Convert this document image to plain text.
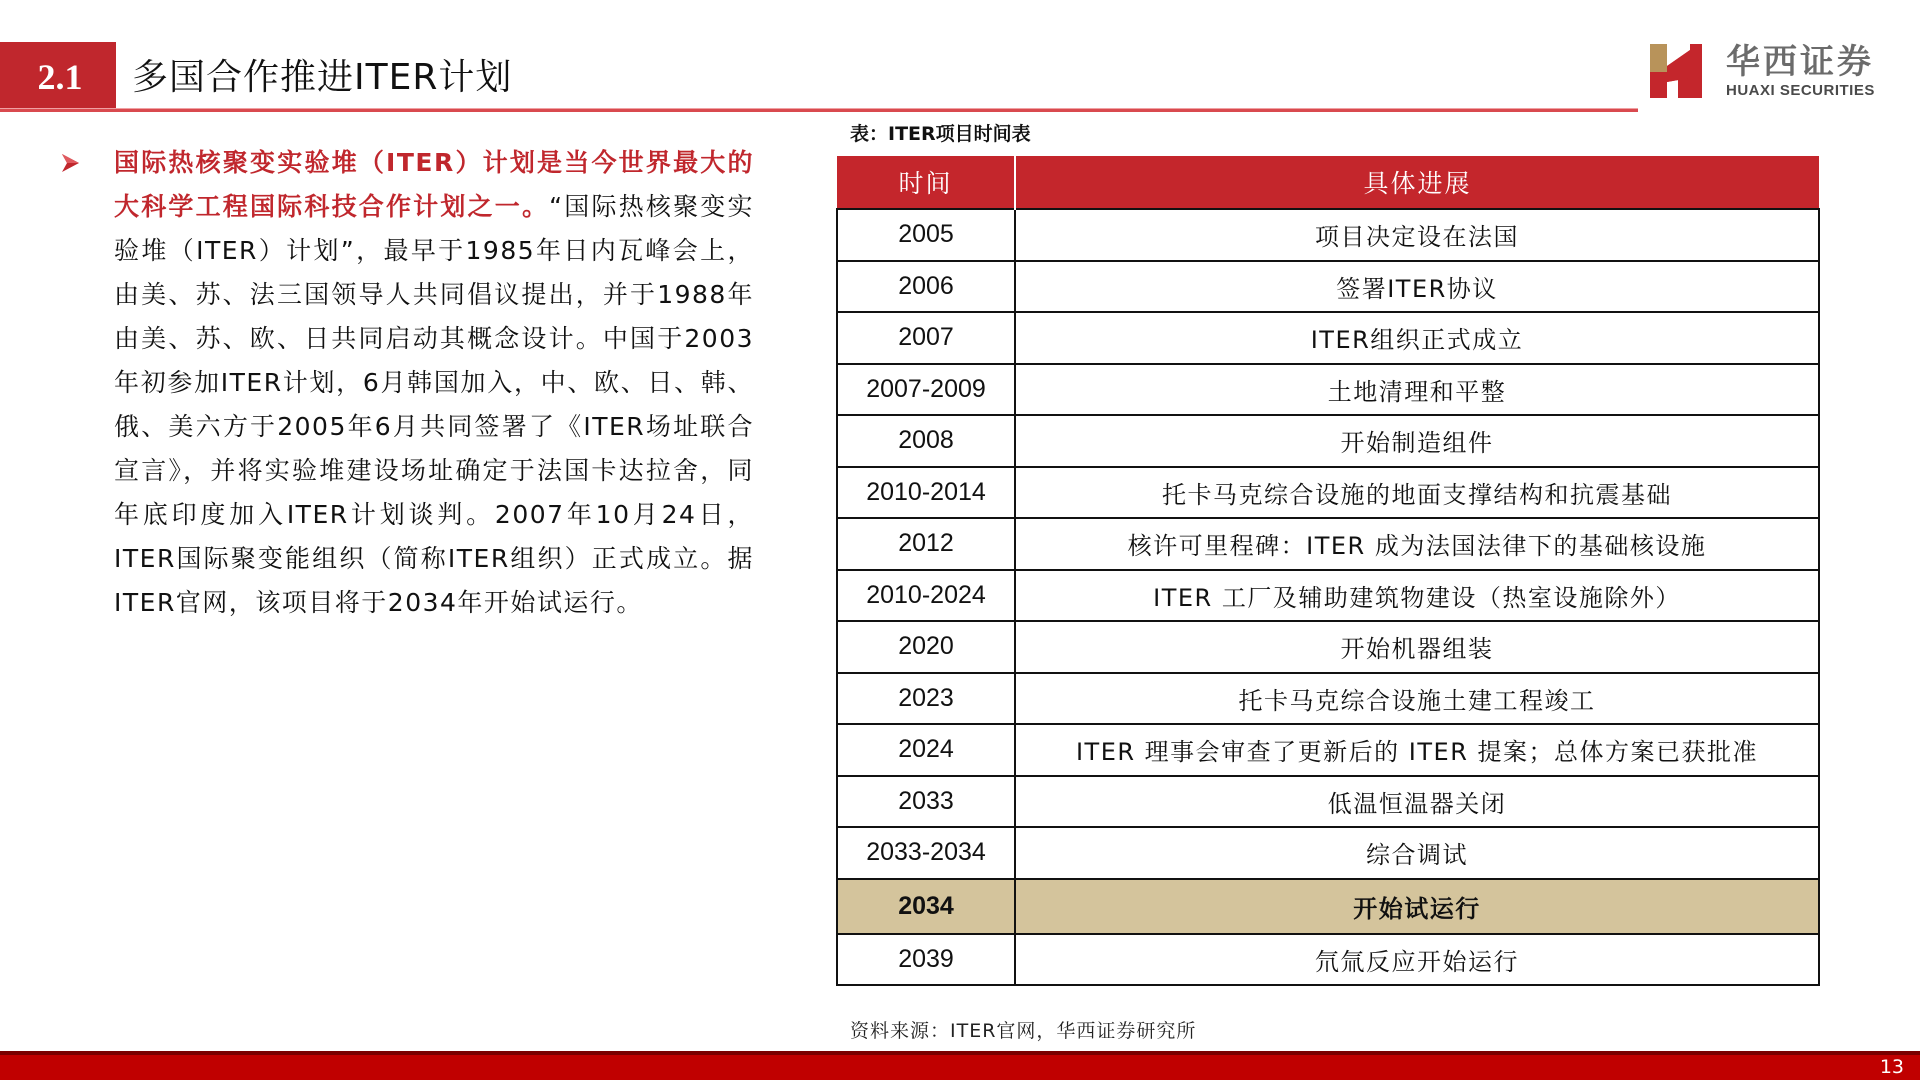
2.1	多国合作推进ITER计划	华西证券
HUAXI SECURITIES
国际热核聚变实验堆（ITER）计划是当今世界最大的大科学工程国际科技合作计划之一。“国际热核聚变实验堆（ITER）计划”，最早于1985年日内瓦峰会上，由美、苏、法三国领导人共同倡议提出，并于1988年由美、苏、欧、日共同启动其概念设计。中国于2003年初参加ITER计划，6月韩国加入，中、欧、日、韩、俄、美六方于2005年6月共同签署了《ITER场址联合宣言》，并将实验堆建设场址确定于法国卡达拉舍，同年底印度加入ITER计划谈判。2007年10月24日，ITER国际聚变能组织（简称ITER组织）正式成立。据ITER官网，该项目将于2034年开始试运行。
表：ITER项目时间表
时间	具体进展
2005	项目决定设在法国
2006	签署ITER协议
2007	ITER组织正式成立
2007-2009	土地清理和平整
2008	开始制造组件
2010-2014	托卡马克综合设施的地面支撑结构和抗震基础
2012	核许可里程碑：ITER 成为法国法律下的基础核设施
2010-2024	ITER 工厂及辅助建筑物建设（热室设施除外）
2020	开始机器组装
2023	托卡马克综合设施土建工程竣工
2024	ITER 理事会审查了更新后的 ITER 提案；总体方案已获批准
2033	低温恒温器关闭
2033-2034	综合调试
2034	开始试运行
2039	氘氚反应开始运行
资料来源：ITER官网，华西证券研究所
13
